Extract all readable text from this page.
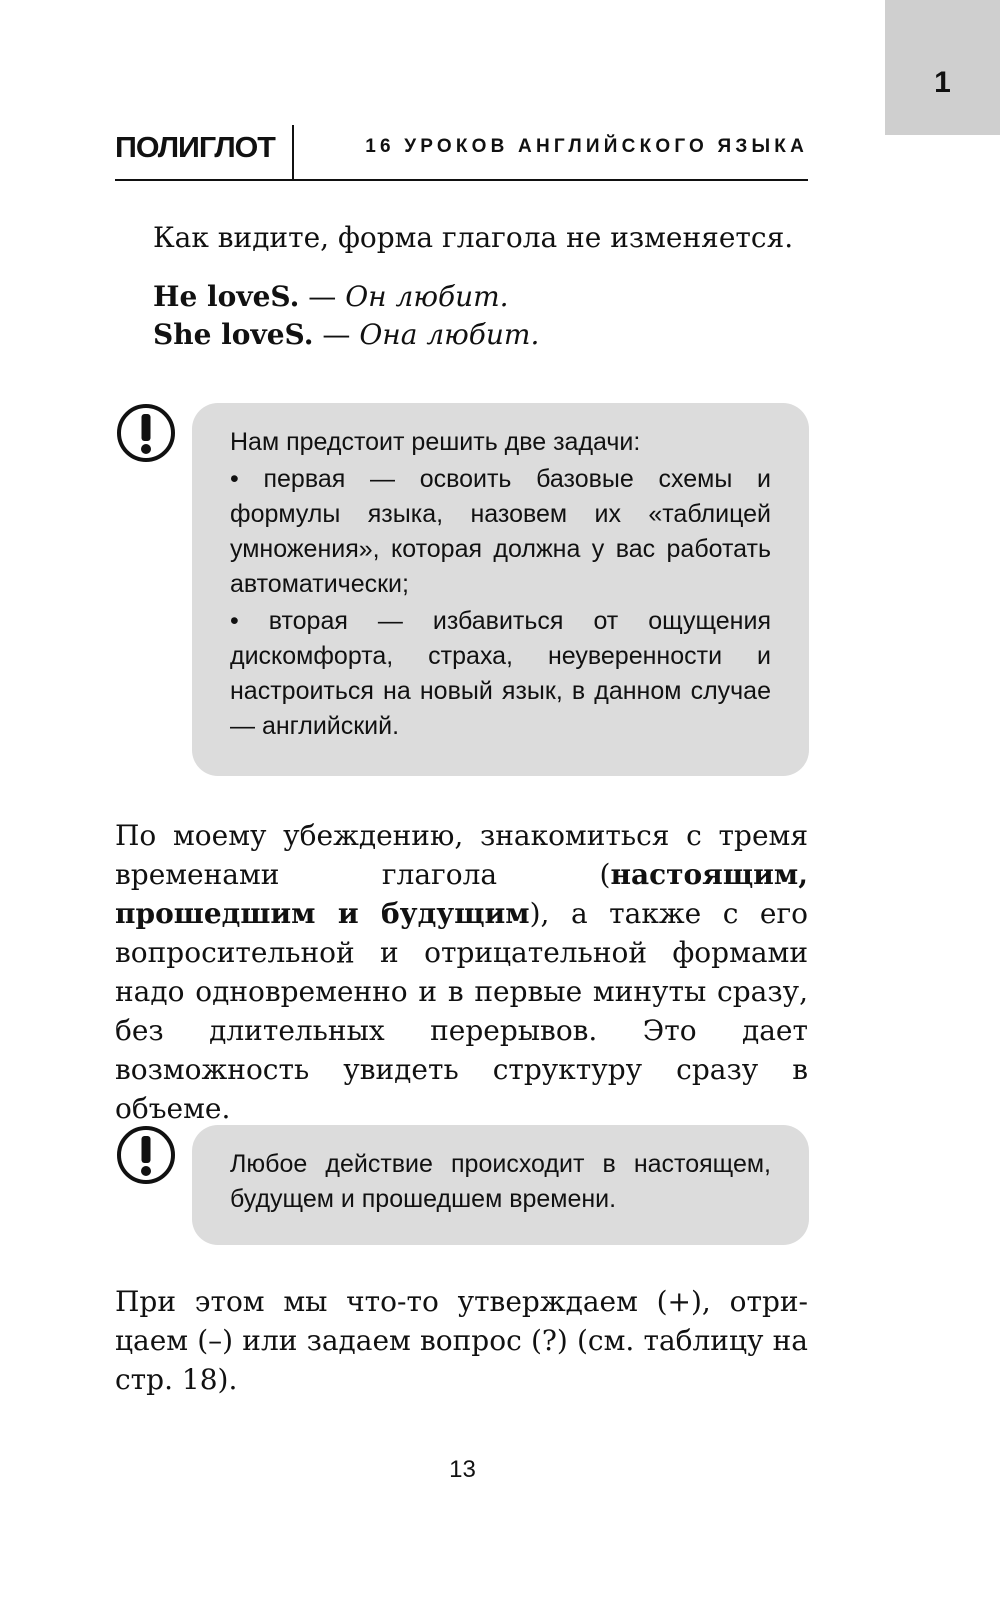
1
ПОЛИГЛОТ	16 УРОКОВ АНГЛИЙСКОГО ЯЗЫКА

Как видите, форма глагола не изменяется.

He loveS. — Он любит.

She loveS. — Она любит.

Нам предстоит решить две задачи:

• первая — освоить базовые схемы и формулы языка, назовем их «таблицей умножения», которая должна у вас работать автоматически;

• вторая — избавиться от ощущения дискомфорта, страха, неуверенности и настроиться на новый язык, в данном случае — английский.

По моему убеждению, знакомиться с тремя временами глагола (настоящим, прошедшим и будущим), а также с его вопросительной и отрицательной формами надо одновременно и в первые минуты сразу, без длительных перерывов. Это дает возможность увидеть структуру сразу в объеме.

Любое действие происходит в настоящем, будущем и прошедшем времени.

При этом мы что-то утверждаем (+), отрицаем (–) или задаем вопрос (?) (см. таблицу на стр. 18).

13
